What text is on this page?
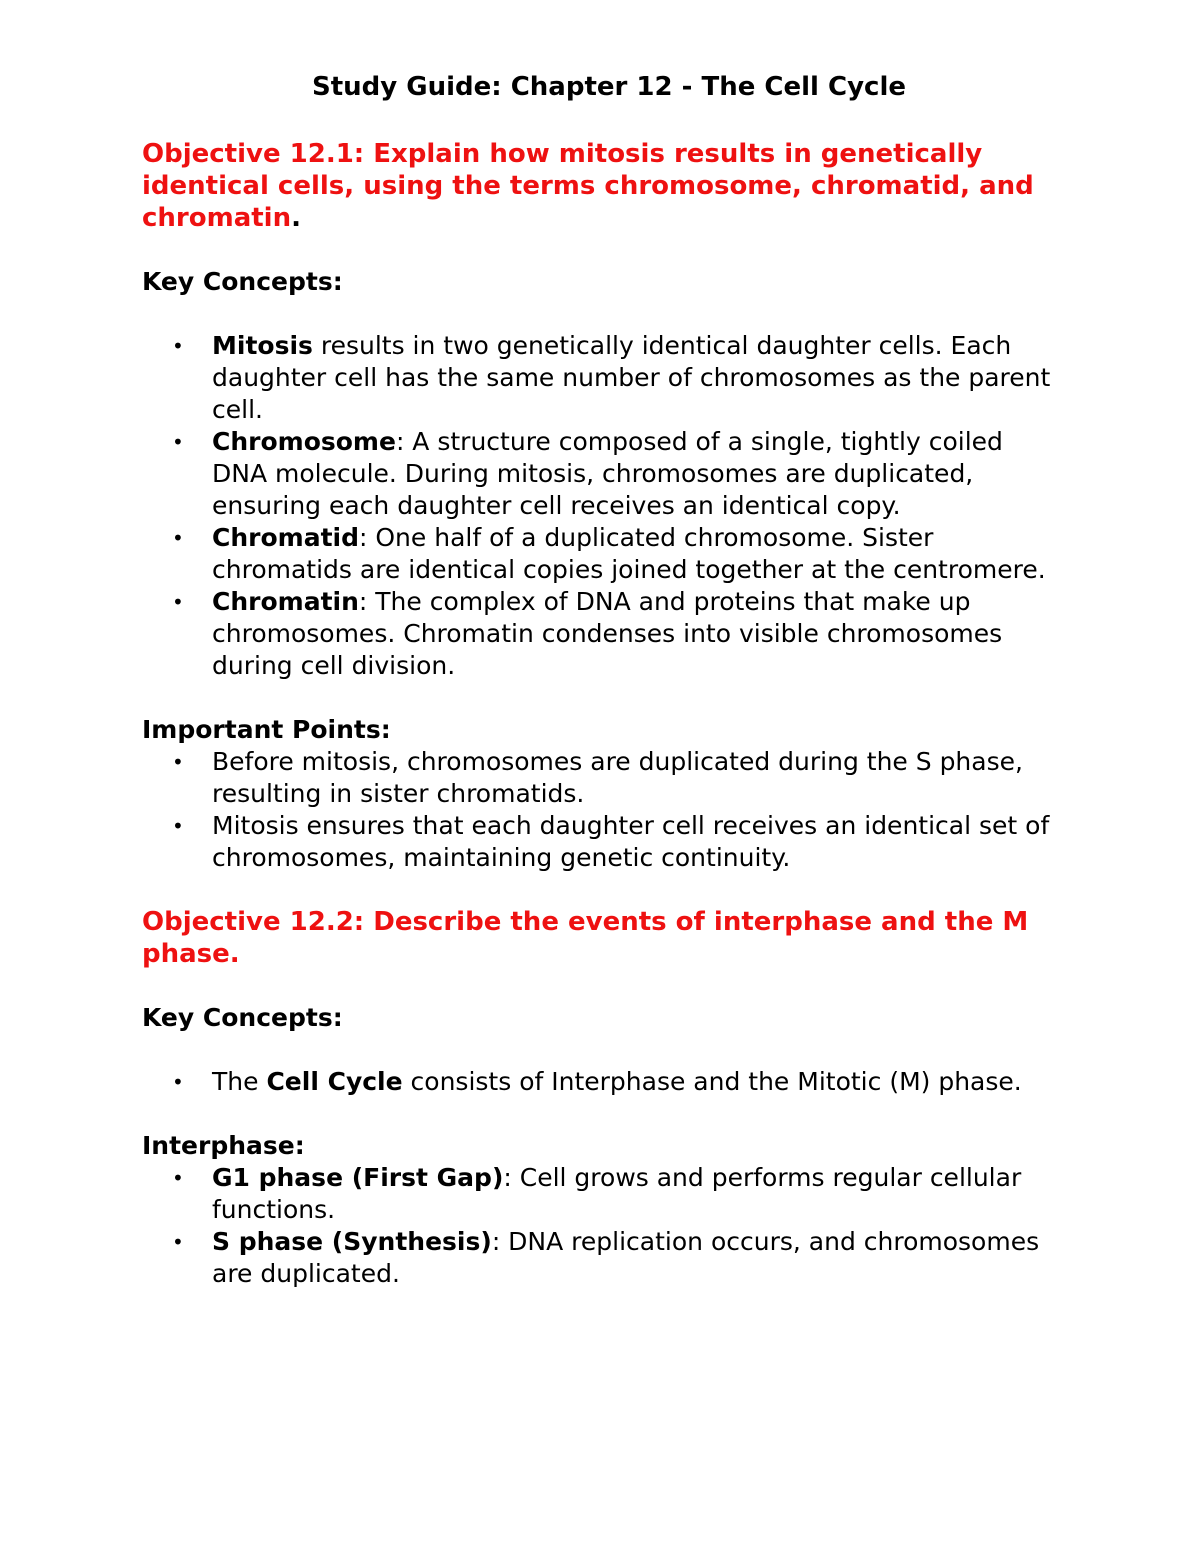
Study Guide: Chapter 12 - The Cell Cycle

Objective 12.1: Explain how mitosis results in genetically identical cells, using the terms chromosome, chromatid, and chromatin.

Key Concepts:

• Mitosis results in two genetically identical daughter cells. Each daughter cell has the same number of chromosomes as the parent cell.
• Chromosome: A structure composed of a single, tightly coiled DNA molecule. During mitosis, chromosomes are duplicated, ensuring each daughter cell receives an identical copy.
• Chromatid: One half of a duplicated chromosome. Sister chromatids are identical copies joined together at the centromere.
• Chromatin: The complex of DNA and proteins that make up chromosomes. Chromatin condenses into visible chromosomes during cell division.

Important Points:

• Before mitosis, chromosomes are duplicated during the S phase, resulting in sister chromatids.
• Mitosis ensures that each daughter cell receives an identical set of chromosomes, maintaining genetic continuity.

Objective 12.2: Describe the events of interphase and the M phase.

Key Concepts:

• The Cell Cycle consists of Interphase and the Mitotic (M) phase.

Interphase:

• G1 phase (First Gap): Cell grows and performs regular cellular functions.
• S phase (Synthesis): DNA replication occurs, and chromosomes are duplicated.
